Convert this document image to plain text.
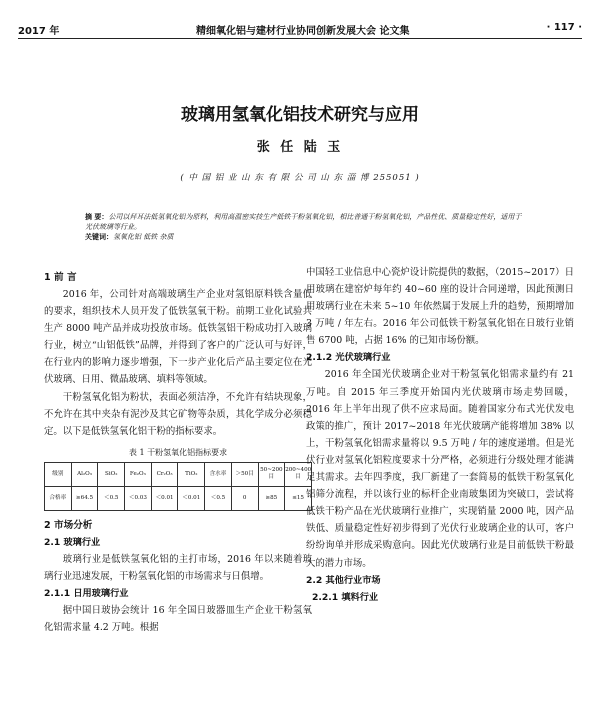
2017 年	精细氧化铝与建材行业协同创新发展大会 论文集	· 117 ·
玻璃用氢氧化铝技术研究与应用
张 任 陆 玉
( 中 国 铝 业 山 东 有 限 公 司 山 东 淄 博 255051 )
摘 要：公司以拜耳法低氢氧化铝为原料，利用高温密实技生产低铁干粉氢氧化铝，相比普通干粉氢氧化铝，产品性优、质量稳定性好，适用于光伏玻璃等行业。
关键词：氢氧化铝 低铁 杂质
1 前 言

2016 年，公司针对高端玻璃生产企业对氢铝原料铁含量低的要求，组织技术人员开发了低铁氢氧干粉。前期工业化试验共生产 8000 吨产品并成功投放市场。低铁氢铝干粉成功打入玻璃行业，树立“山铝低铁”品牌，并得到了客户的广泛认可与好评，在行业内的影响力逐步增强，下一步产业化后产品主要定位在光伏玻璃、日用、微晶玻璃、填料等领域。

干粉氢氧化铝为粉状，表面必须洁净，不允许有结块现象，不允许在其中夹杂有泥沙及其它矿物等杂质，其化学成分必须稳定。以下是低铁氢氧化铝干粉的指标要求。

表 1 干粉氢氧化铝指标要求
级别	Al₂O₃	SiO₂	Fe₂O₃	Cr₂O₃	TiO₂	含水率	＞50目	50~200目	200~400目
合格率	≥64.5	＜0.5	＜0.03	＜0.01	＜0.01	＜0.5	0	≥85	≤15
2 市场分析
2.1 玻璃行业

玻璃行业是低铁氢氧化铝的主打市场，2016 年以来随着玻璃行业迅速发展，干粉氢氧化铝的市场需求与日俱增。

2.1.1 日用玻璃行业

据中国日玻协会统计 16 年全国日玻器皿生产企业干粉氢氧化铝需求量 4.2 万吨。根据

中国轻工业信息中心瓷炉设计院提供的数据，（2015~2017）日用玻璃在建窑炉每年约 40~60 座的设计合同递增，因此预测日用玻璃行业在未来 5~10 年依然属于发展上升的趋势，预期增加 3 万吨 / 年左右。2016 年公司低铁干粉氢氧化铝在日玻行业销售 6700 吨，占据 16% 的已知市场份额。

2.1.2 光伏玻璃行业

2016 年全国光伏玻璃企业对干粉氢氧化铝需求量约有 21 万吨。自 2015 年三季度开始国内光伏玻璃市场走势回暖，2016 年上半年出现了供不应求局面。随着国家分布式光伏发电政策的推广，预计 2017~2018 年光伏玻璃产能将增加 38% 以上，干粉氢氧化铝需求量将以 9.5 万吨 / 年的速度递增。但是光伏行业对氢氧化铝粒度要求十分严格，必须进行分级处理才能满足其需求。去年四季度，我厂新建了一套简易的低铁干粉氢氧化铝筛分流程，并以该行业的标杆企业南玻集团为突破口，尝试将低铁干粉产品在光伏玻璃行业推广，实现销量 2000 吨，因产品铁低、质量稳定性好初步得到了光伏行业玻璃企业的认可，客户纷纷询单并形成采购意向。因此光伏玻璃行业是目前低铁干粉最大的潜力市场。

2.2 其他行业市场
2.2.1 填料行业
